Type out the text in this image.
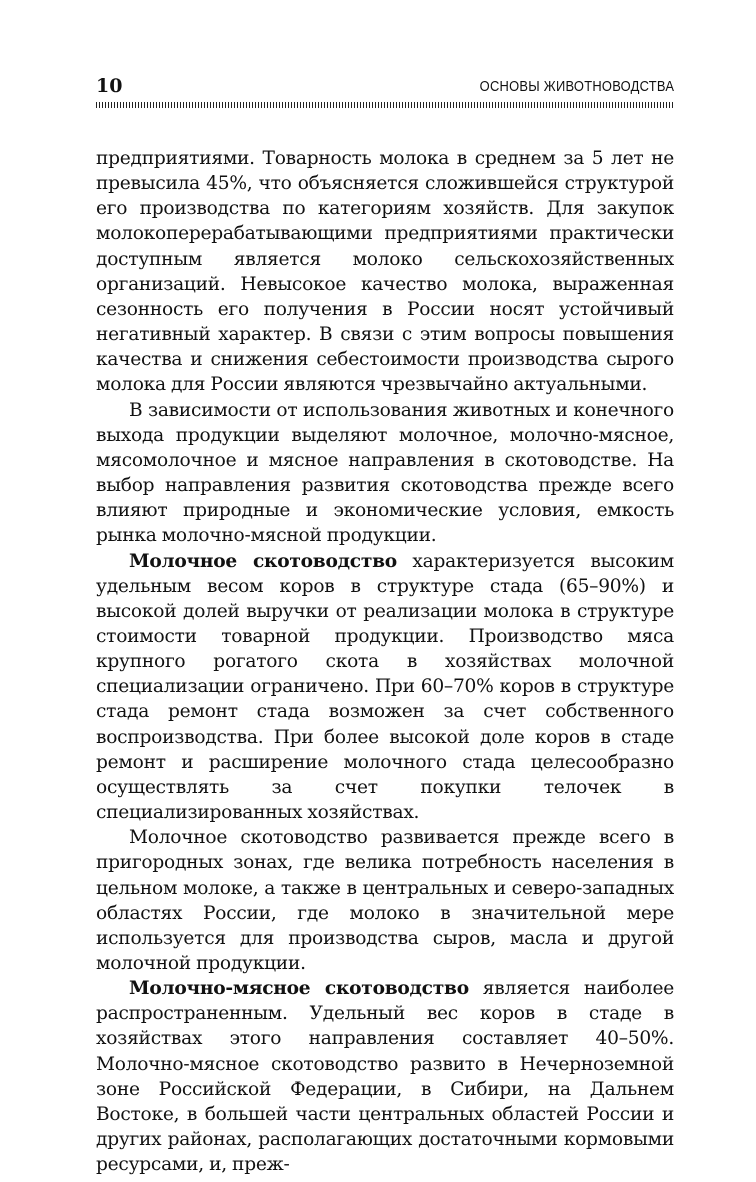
10	ОСНОВЫ ЖИВОТНОВОДСТВА

предприятиями. Товарность молока в среднем за 5 лет не превысила 45%, что объясняется сложившейся структурой его производства по категориям хозяйств. Для закупок молокоперерабатывающими предприятиями практически доступным является молоко сельскохозяйственных организаций. Невысокое качество молока, выраженная сезонность его получения в России носят устойчивый негативный характер. В связи с этим вопросы повышения качества и снижения себестоимости производства сырого молока для России являются чрезвычайно актуальными.

В зависимости от использования животных и конечного выхода продукции выделяют молочное, молочно-мясное, мясомолочное и мясное направления в скотоводстве. На выбор направления развития скотоводства прежде всего влияют природные и экономические условия, емкость рынка молочно-мясной продукции.

Молочное скотоводство характеризуется высоким удельным весом коров в структуре стада (65–90%) и высокой долей выручки от реализации молока в структуре стоимости товарной продукции. Производство мяса крупного рогатого скота в хозяйствах молочной специализации ограничено. При 60–70% коров в структуре стада ремонт стада возможен за счет собственного воспроизводства. При более высокой доле коров в стаде ремонт и расширение молочного стада целесообразно осуществлять за счет покупки телочек в специализированных хозяйствах.

Молочное скотоводство развивается прежде всего в пригородных зонах, где велика потребность населения в цельном молоке, а также в центральных и северо-западных областях России, где молоко в значительной мере используется для производства сыров, масла и другой молочной продукции.

Молочно-мясное скотоводство является наиболее распространенным. Удельный вес коров в стаде в хозяйствах этого направления составляет 40–50%. Молочно-мясное скотоводство развито в Нечерноземной зоне Российской Федерации, в Сибири, на Дальнем Востоке, в большей части центральных областей России и других районах, располагающих достаточными кормовыми ресурсами, и, преж-
